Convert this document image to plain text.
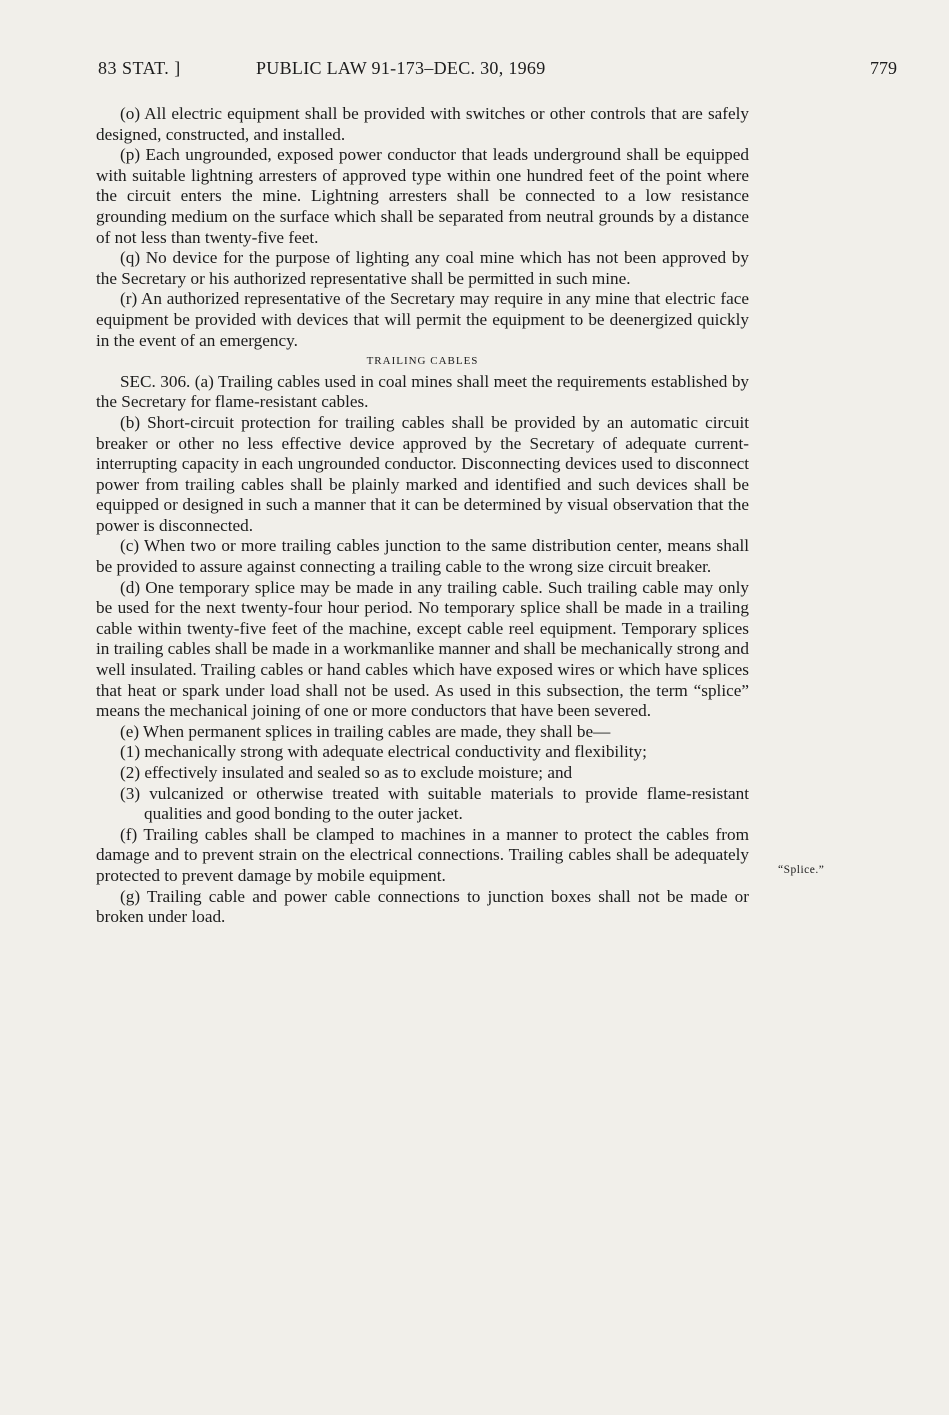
83 STAT. ]	PUBLIC LAW 91-173–DEC. 30, 1969	779

(o) All electric equipment shall be provided with switches or other controls that are safely designed, constructed, and installed.

(p) Each ungrounded, exposed power conductor that leads underground shall be equipped with suitable lightning arresters of approved type within one hundred feet of the point where the circuit enters the mine. Lightning arresters shall be connected to a low resistance grounding medium on the surface which shall be separated from neutral grounds by a distance of not less than twenty-five feet.

(q) No device for the purpose of lighting any coal mine which has not been approved by the Secretary or his authorized representative shall be permitted in such mine.

(r) An authorized representative of the Secretary may require in any mine that electric face equipment be provided with devices that will permit the equipment to be deenergized quickly in the event of an emergency.

TRAILING CABLES

SEC. 306. (a) Trailing cables used in coal mines shall meet the requirements established by the Secretary for flame-resistant cables.

(b) Short-circuit protection for trailing cables shall be provided by an automatic circuit breaker or other no less effective device approved by the Secretary of adequate current-interrupting capacity in each ungrounded conductor. Disconnecting devices used to disconnect power from trailing cables shall be plainly marked and identified and such devices shall be equipped or designed in such a manner that it can be determined by visual observation that the power is disconnected.

(c) When two or more trailing cables junction to the same distribution center, means shall be provided to assure against connecting a trailing cable to the wrong size circuit breaker.

(d) One temporary splice may be made in any trailing cable. Such trailing cable may only be used for the next twenty-four hour period. No temporary splice shall be made in a trailing cable within twenty-five feet of the machine, except cable reel equipment. Temporary splices in trailing cables shall be made in a workmanlike manner and shall be mechanically strong and well insulated. Trailing cables or hand cables which have exposed wires or which have splices that heat or spark under load shall not be used. As used in this subsection, the term “splice” means the mechanical joining of one or more conductors that have been severed.

(e) When permanent splices in trailing cables are made, they shall be—

(1) mechanically strong with adequate electrical conductivity and flexibility;

(2) effectively insulated and sealed so as to exclude moisture; and

(3) vulcanized or otherwise treated with suitable materials to provide flame-resistant qualities and good bonding to the outer jacket.

(f) Trailing cables shall be clamped to machines in a manner to protect the cables from damage and to prevent strain on the electrical connections. Trailing cables shall be adequately protected to prevent damage by mobile equipment.

(g) Trailing cable and power cable connections to junction boxes shall not be made or broken under load.

“Splice.”
